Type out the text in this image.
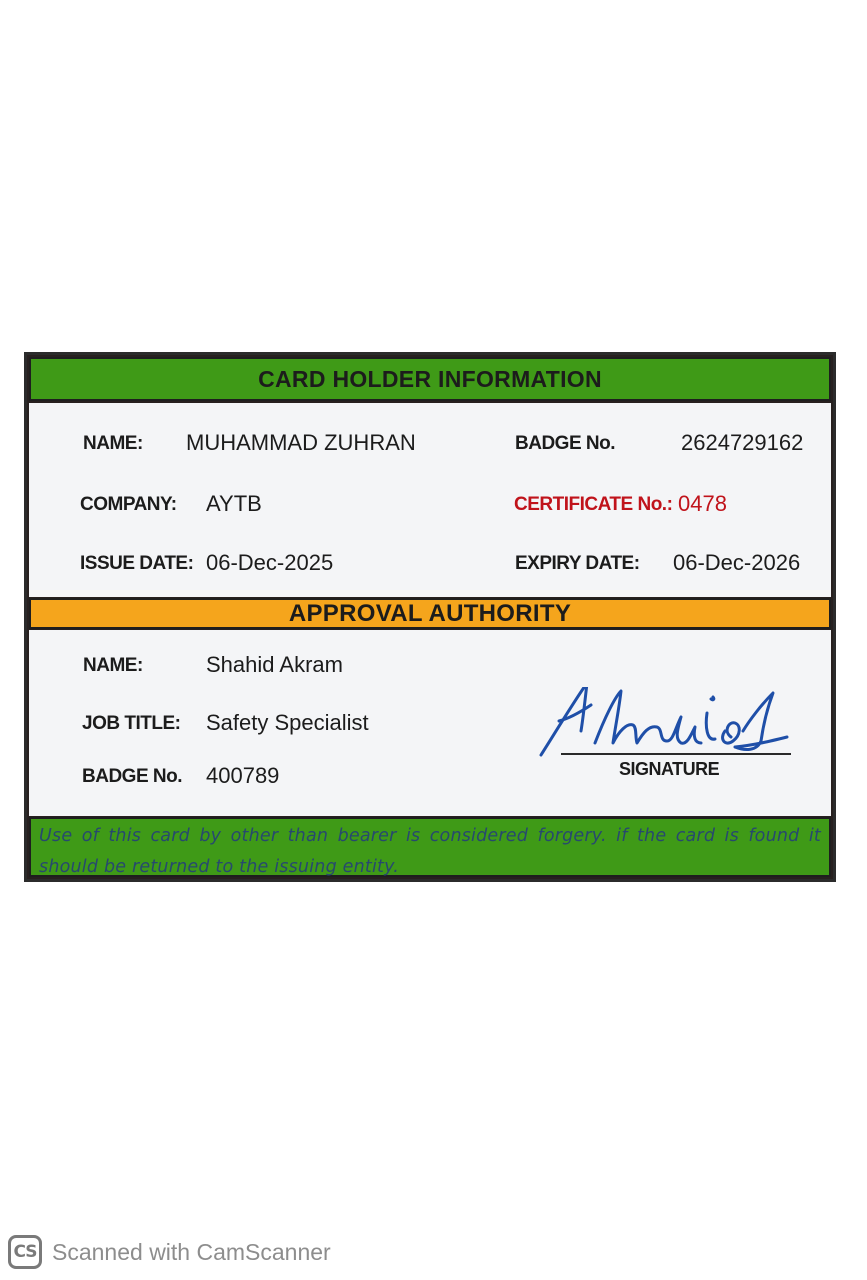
CARD HOLDER INFORMATION
NAME: MUHAMMAD ZUHRAN	BADGE No.	2624729162
COMPANY: AYTB	CERTIFICATE No.: 0478
ISSUE DATE: 06-Dec-2025	EXPIRY DATE: 06-Dec-2026
APPROVAL AUTHORITY
NAME:	Shahid Akram
JOB TITLE: Safety Specialist
BADGE No. 400789
Use of this card by other than bearer is considered forgery. if the card is found it should be returned to the issuing entity.
SIGNATURE
CS Scanned with CamScanner
